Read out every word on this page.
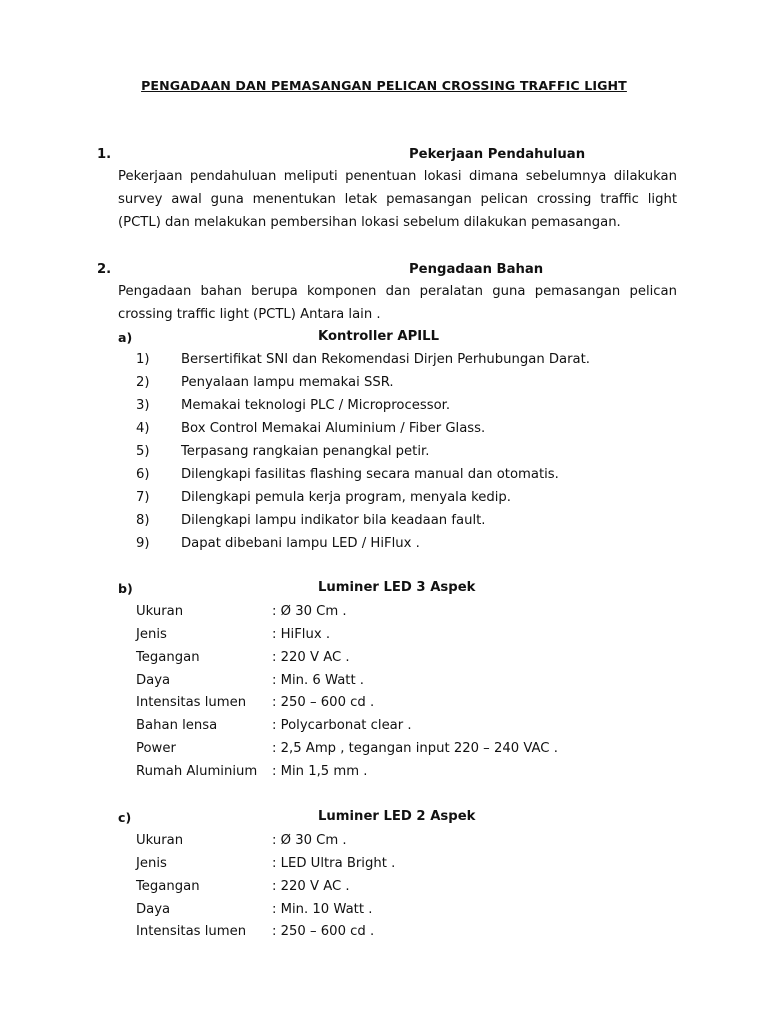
PENGADAAN DAN PEMASANGAN PELICAN CROSSING TRAFFIC LIGHT
1.	Pekerjaan Pendahuluan
Pekerjaan pendahuluan meliputi penentuan lokasi dimana sebelumnya dilakukan survey awal guna menentukan letak pemasangan pelican crossing traffic light (PCTL) dan melakukan pembersihan lokasi sebelum dilakukan pemasangan.
2.	Pengadaan Bahan
Pengadaan bahan berupa komponen dan peralatan guna pemasangan pelican crossing traffic light (PCTL) Antara lain .
a)	Kontroller APILL
1) Bersertifikat SNI dan Rekomendasi Dirjen Perhubungan Darat.
2) Penyalaan lampu memakai SSR.
3) Memakai teknologi PLC / Microprocessor.
4) Box Control Memakai Aluminium / Fiber Glass.
5) Terpasang rangkaian penangkal petir.
6) Dilengkapi fasilitas flashing secara manual dan otomatis.
7) Dilengkapi pemula kerja program, menyala kedip.
8) Dilengkapi lampu indikator bila keadaan fault.
9) Dapat dibebani lampu LED / HiFlux .
b)	Luminer LED 3 Aspek
Ukuran	: Ø 30 Cm .
Jenis	: HiFlux .
Tegangan	: 220 V AC .
Daya	: Min. 6 Watt .
Intensitas lumen : 250 – 600 cd .
Bahan lensa	: Polycarbonat clear .
Power	: 2,5 Amp , tegangan input 220 – 240 VAC .
Rumah Aluminium : Min 1,5 mm .
c)	Luminer LED 2 Aspek
Ukuran	: Ø 30 Cm .
Jenis	: LED Ultra Bright .
Tegangan	: 220 V AC .
Daya	: Min. 10 Watt .
Intensitas lumen : 250 – 600 cd .
